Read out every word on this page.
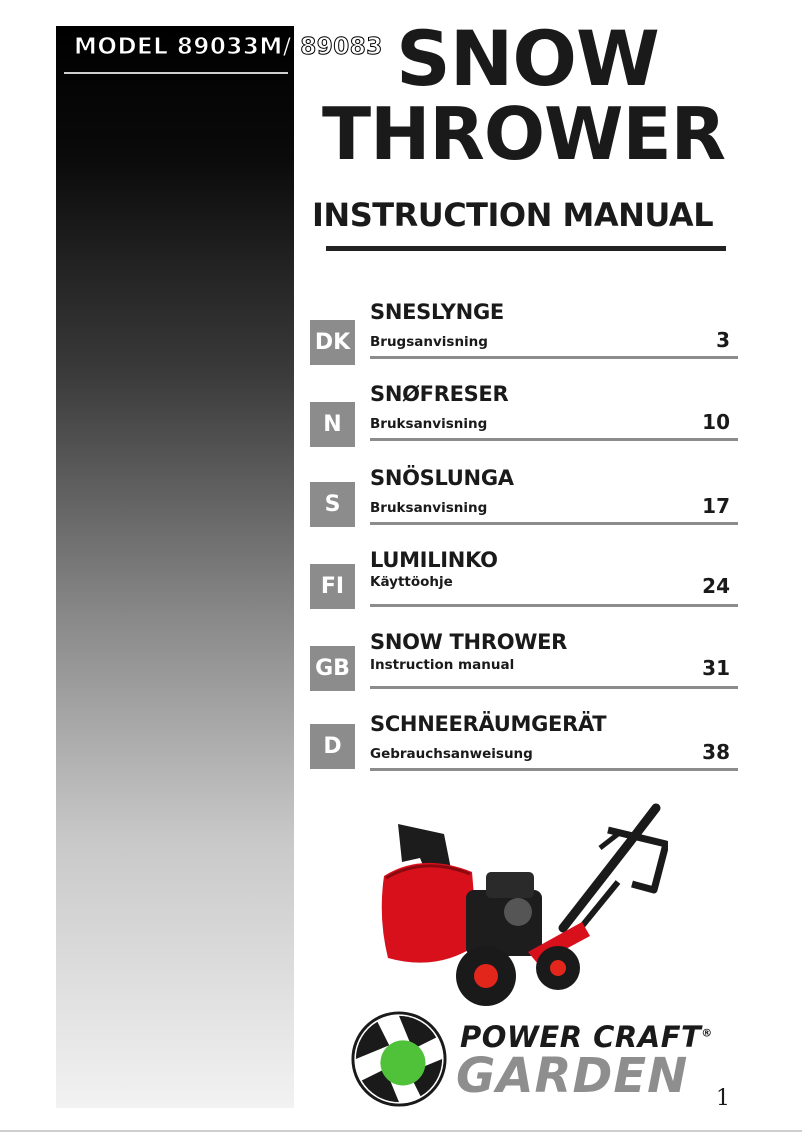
MODEL 89033M/ 89083 SNOW
THROWER
INSTRUCTION MANUAL
DK
SNESLYNGE
Brugsanvisning	3
N
SNØFRESER
Bruksanvisning	10
S
SNÖSLUNGA
Bruksanvisning	17
FI
LUMILINKO
Käyttöohje	24
GB
SNOW THROWER
Instruction manual	31
D
SCHNEERÄUMGERÄT
Gebrauchsanweisung	38
POWER CRAFT®
GARDEN 1
